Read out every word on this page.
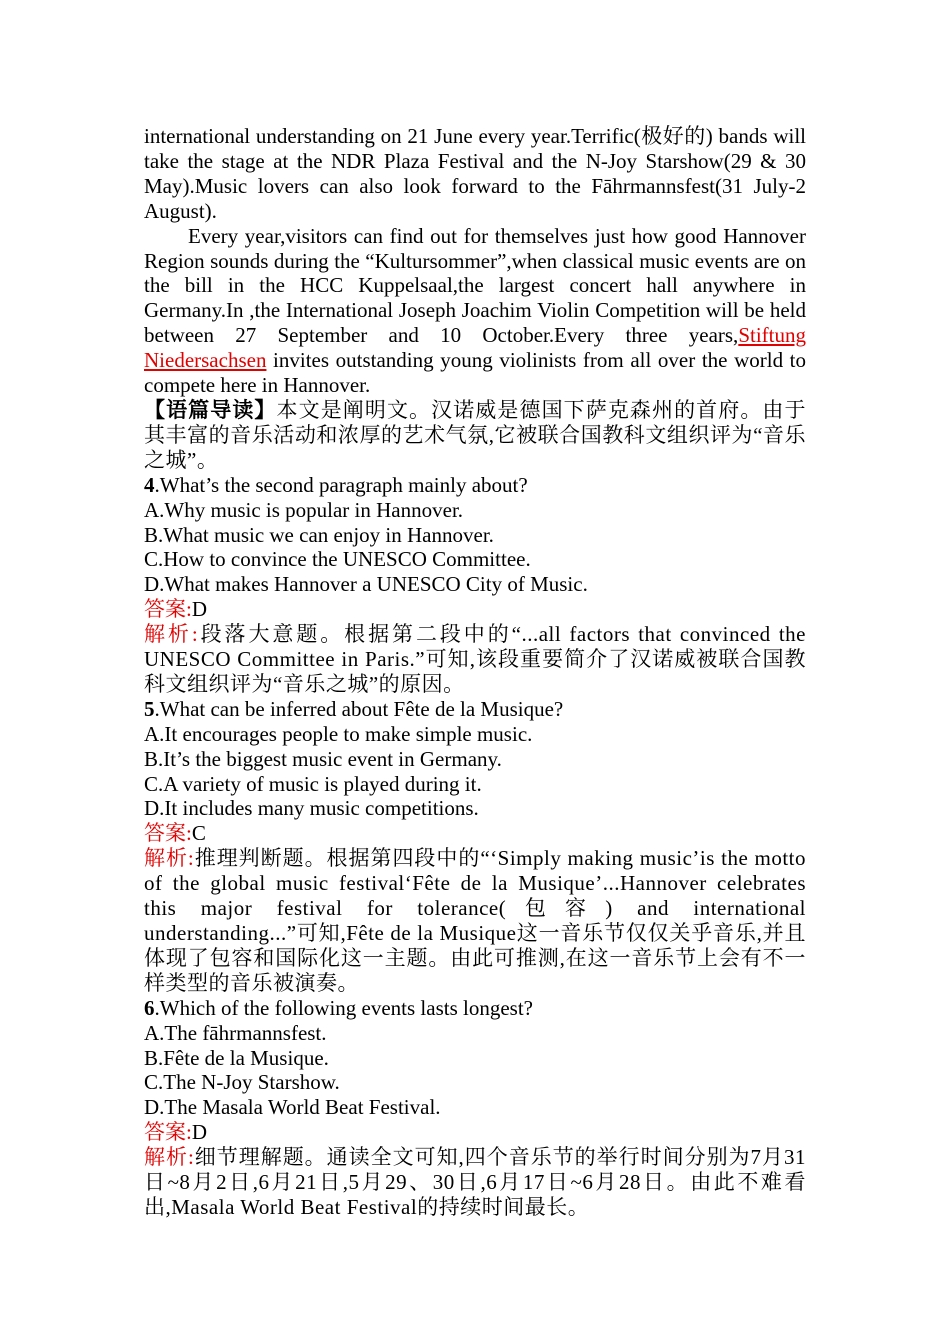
international understanding on 21 June every year.Terrific(极好的) bands will take the stage at the NDR Plaza Festival and the N-Joy Starshow(29 & 30 May).Music lovers can also look forward to the Fāhrmannsfest(31 July-2 August).

Every year,visitors can find out for themselves just how good Hannover Region sounds during the “Kultursommer”,when classical music events are on the bill in the HCC Kuppelsaal,the largest concert hall anywhere in Germany.In ,the International Joseph Joachim Violin Competition will be held between 27 September and 10 October.Every three years,Stiftung Niedersachsen invites outstanding young violinists from all over the world to compete here in Hannover.

【语篇导读】本文是阐明文。汉诺威是德国下萨克森州的首府。由于其丰富的音乐活动和浓厚的艺术气氛,它被联合国教科文组织评为“音乐之城”。

4.What’s the second paragraph mainly about?

A.Why music is popular in Hannover.

B.What music we can enjoy in Hannover.

C.How to convince the UNESCO Committee.

D.What makes Hannover a UNESCO City of Music.

答案:D

解析:段落大意题。根据第二段中的“...all factors that convinced the UNESCO Committee in Paris.”可知,该段重要简介了汉诺威被联合国教科文组织评为“音乐之城”的原因。

5.What can be inferred about Fête de la Musique?

A.It encourages people to make simple music.

B.It’s the biggest music event in Germany.

C.A variety of music is played during it.

D.It includes many music competitions.

答案:C

解析:推理判断题。根据第四段中的“‘Simply making music’is the motto of the global music festival‘Fête de la Musique’...Hannover celebrates this major festival for tolerance(包容) and international understanding...”可知,Fête de la Musique这一音乐节仅仅关乎音乐,并且体现了包容和国际化这一主题。由此可推测,在这一音乐节上会有不一样类型的音乐被演奏。

6.Which of the following events lasts longest?

A.The fāhrmannsfest.

B.Fête de la Musique.

C.The N-Joy Starshow.

D.The Masala World Beat Festival.

答案:D

解析:细节理解题。通读全文可知,四个音乐节的举行时间分别为7月31日~8月2日,6月21日,5月29、30日,6月17日~6月28日。由此不难看出,Masala World Beat Festival的持续时间最长。
